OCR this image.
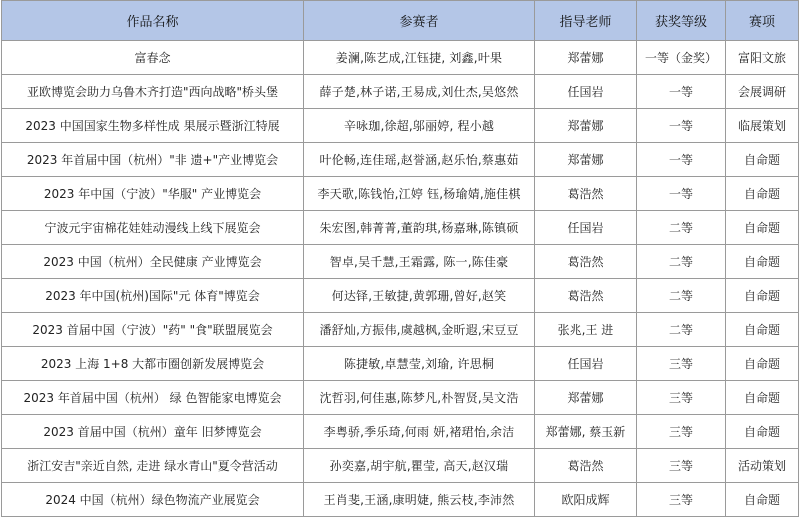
作品名称	参赛者	指导老师	获奖等级	赛项
富春念	姜澜,陈艺成,江钰捷, 刘鑫,叶果	郑蕾娜	一等（金奖）	富阳文旅
亚欧博览会助力乌鲁木齐打造"西向战略"桥头堡	薛子楚,林子诺,王易成,刘仕杰,吴悠然	任国岩	一等	会展调研
2023 中国国家生物多样性成 果展示暨浙江特展	辛咏珈,徐超,邬丽婷, 程小越	郑蕾娜	一等	临展策划
2023 年首届中国（杭州）"非 遗+"产业博览会	叶伦畅,连佳瑶,赵誉涵,赵乐怡,蔡惠茹	郑蕾娜	一等	自命题
2023 年中国（宁波）"华服" 产业博览会	李天歌,陈钱怡,江婷 钰,杨瑜婧,施佳棋	葛浩然	一等	自命题
宁波元宇宙棉花娃娃动漫线上线下展览会	朱宏图,韩菁菁,董韵琪,杨嘉琳,陈镇硕	任国岩	二等	自命题
2023 中国（杭州）全民健康 产业博览会	智卓,吴千慧,王霜露, 陈一,陈佳豪	葛浩然	二等	自命题
2023 年中国(杭州)国际"元 体育"博览会	何达铎,王敏捷,黄郭珊,曾好,赵笑	葛浩然	二等	自命题
2023 首届中国（宁波）"药" "食"联盟展览会	潘舒灿,方振伟,虞越枫,金昕遐,宋豆豆	张兆,王 进	二等	自命题
2023 上海 1+8 大都市圈创新发展博览会	陈捷敏,卓慧莹,刘瑜, 许思桐	任国岩	三等	自命题
2023 年首届中国（杭州） 绿 色智能家电博览会	沈哲羽,何佳惠,陈梦凡,朴智贤,吴文浩	郑蕾娜	三等	自命题
2023 首届中国（杭州）童年 旧梦博览会	李粤骄,季乐琦,何雨 妍,褚珺怡,余洁	郑蕾娜, 蔡玉新	三等	自命题
浙江安吉"亲近自然, 走进 绿水青山"夏令营活动	孙奕嘉,胡宇航,瞿莹, 高天,赵汉瑞	葛浩然	三等	活动策划
2024 中国（杭州）绿色物流产业展览会	王肖斐,王涵,康明婕, 熊云枝,李沛然	欧阳成辉	三等	自命题
